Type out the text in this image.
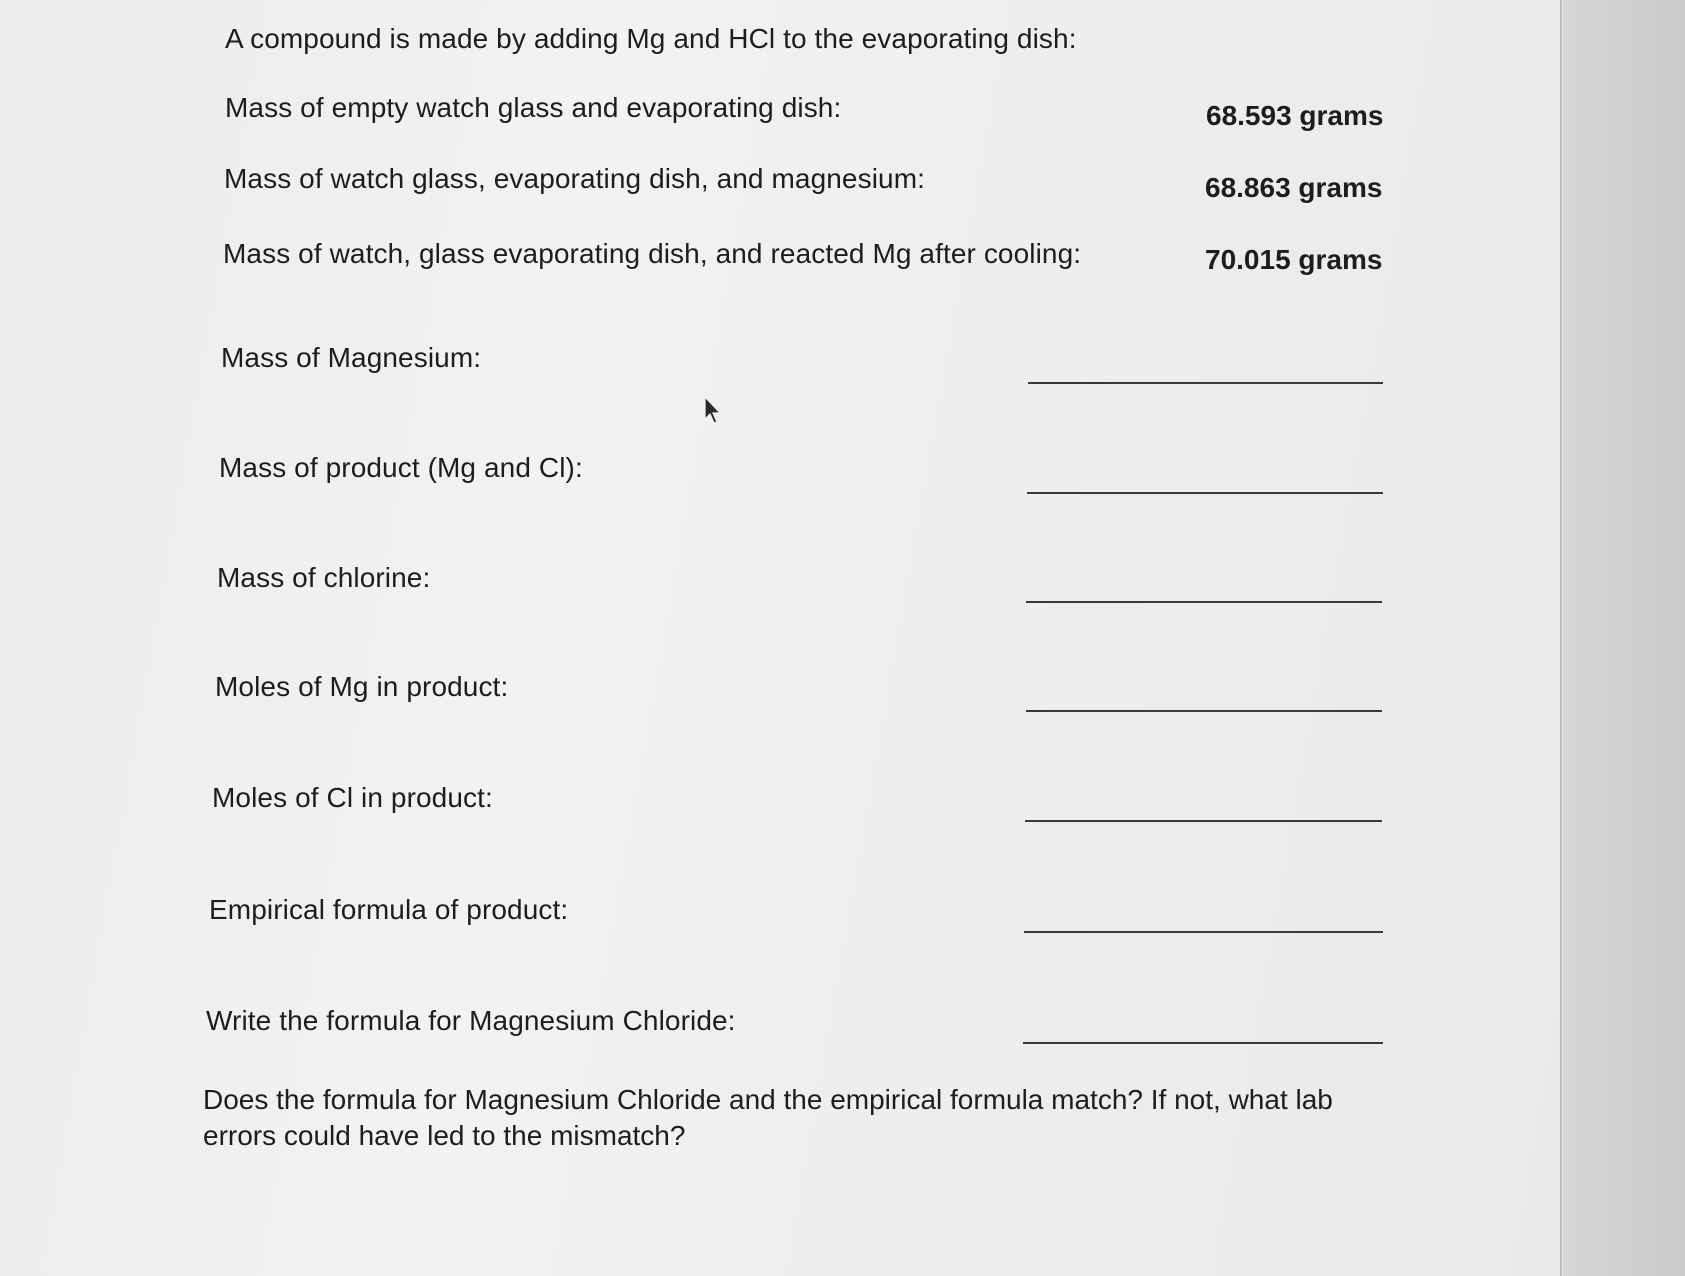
A compound is made by adding Mg and HCl to the evaporating dish:
Mass of empty watch glass and evaporating dish:	68.593 grams
Mass of watch glass, evaporating dish, and magnesium:	68.863 grams
Mass of watch, glass evaporating dish, and reacted Mg after cooling:	70.015 grams
Mass of Magnesium:
Mass of product (Mg and Cl):
Mass of chlorine:
Moles of Mg in product:
Moles of Cl in product:
Empirical formula of product:
Write the formula for Magnesium Chloride:
Does the formula for Magnesium Chloride and the empirical formula match? If not, what lab errors could have led to the mismatch?
